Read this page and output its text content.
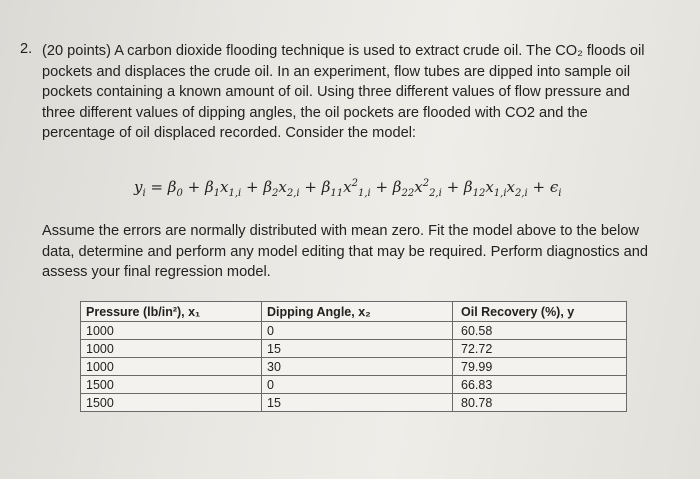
2. (20 points) A carbon dioxide flooding technique is used to extract crude oil. The CO₂ floods oil pockets and displaces the crude oil. In an experiment, flow tubes are dipped into sample oil pockets containing a known amount of oil. Using three different values of flow pressure and three different values of dipping angles, the oil pockets are flooded with CO2 and the percentage of oil displaced recorded. Consider the model:
$y_i = \beta_0 + \beta_1x_{1,i} + \beta_2x_{2,i} + \beta_{11}x^2_{1,i} + \beta_{22}x^2_{2,i} + \beta_{12}x_{1,i}x_{2,i} + \epsilon_i$
Assume the errors are normally distributed with mean zero. Fit the model above to the below data, determine and perform any model editing that may be required. Perform diagnostics and assess your final regression model.
Pressure (lb/in²), x₁	Dipping Angle, x₂	Oil Recovery (%), y
1000	0	60.58
1000	15	72.72
1000	30	79.99
1500	0	66.83
1500	15	80.78
